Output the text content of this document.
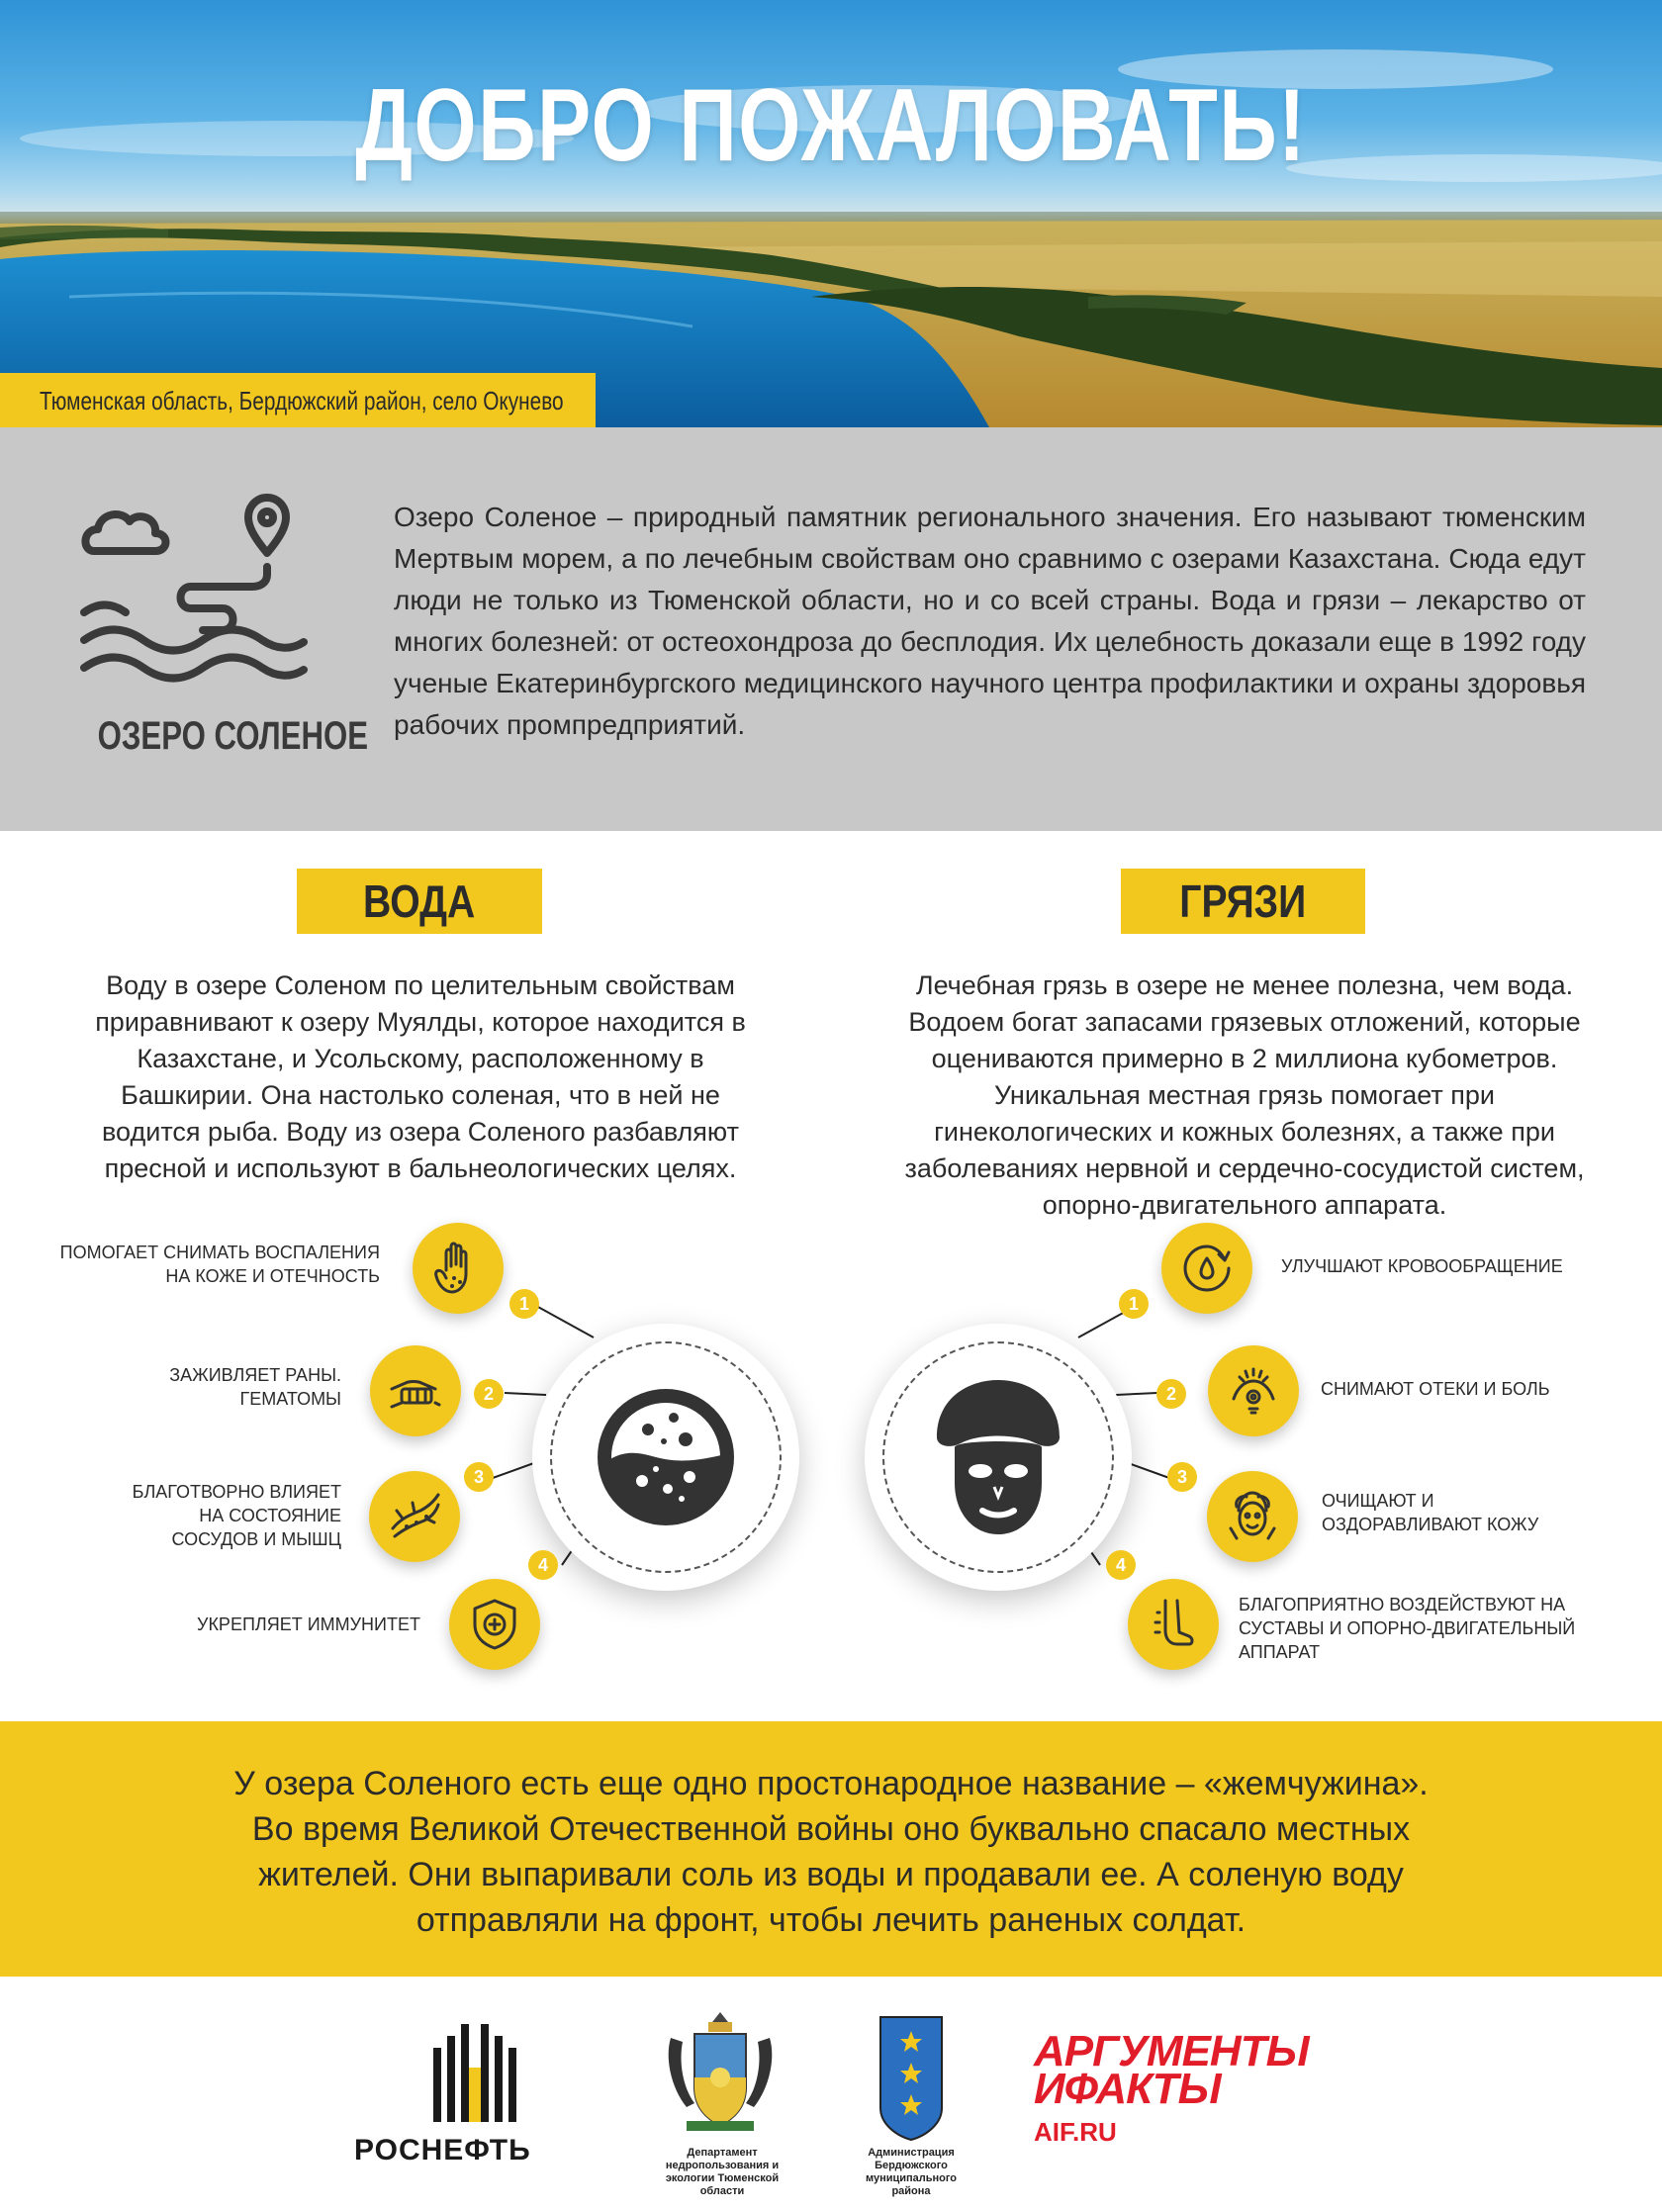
ДОБРО ПОЖАЛОВАТЬ!
Тюменская область, Бердюжский район, село Окунево
ОЗЕРО СОЛЕНОЕ
Озеро Соленое – природный памятник регионального значения. Его называют тюменским Мертвым морем, а по лечебным свойствам оно сравнимо с озерами Казахстана. Сюда едут люди не только из Тюменской области, но и со всей страны. Вода и грязи – лекарство от многих болезней: от остеохондроза до бесплодия. Их целебность доказали еще в 1992 году ученые Екатеринбургского медицинского научного центра профилактики и охраны здоровья рабочих промпредприятий.
ВОДА
Воду в озере Соленом по целительным свойствам приравнивают к озеру Муялды, которое находится в Казахстане, и Усольскому, расположенному в Башкирии. Она настолько соленая, что в ней не водится рыба. Воду из озера Соленого разбавляют пресной и используют в бальнеологических целях.
ГРЯЗИ
Лечебная грязь в озере не менее полезна, чем вода. Водоем богат запасами грязевых отложений, которые оцениваются примерно в 2 миллиона кубометров. Уникальная местная грязь помогает при гинекологических и кожных болезнях, а также при заболеваниях нервной и сердечно-сосудистой систем, опорно-двигательного аппарата.
ПОМОГАЕТ СНИМАТЬ ВОСПАЛЕНИЯ
НА КОЖЕ И ОТЕЧНОСТЬ
1
ЗАЖИВЛЯЕТ РАНЫ.
ГЕМАТОМЫ	2
БЛАГОТВОРНО ВЛИЯЕТ
НА СОСТОЯНИЕ
СОСУДОВ И МЫШЦ
3
УКРЕПЛЯЕТ ИММУНИТЕТ
4
1
УЛУЧШАЮТ КРОВООБРАЩЕНИЕ
2	СНИМАЮТ ОТЕКИ И БОЛЬ
3
ОЧИЩАЮТ И
ОЗДОРАВЛИВАЮТ КОЖУ
4
БЛАГОПРИЯТНО ВОЗДЕЙСТВУЮТ НА
СУСТАВЫ И ОПОРНО-ДВИГАТЕЛЬНЫЙ
АППАРАТ
У озера Соленого есть еще одно простонародное название – «жемчужина».
Во время Великой Отечественной войны оно буквально спасало местных
жителей. Они выпаривали соль из воды и продавали ее. А соленую воду
отправляли на фронт, чтобы лечить раненых солдат.
РОСНЕФТЬ	Департамент
недропользования и
экологии Тюменской
области
Администрация
Бердюжского
муниципального
района
АРГУМЕНТЫ
ИФАКТЫ AIF.RU
